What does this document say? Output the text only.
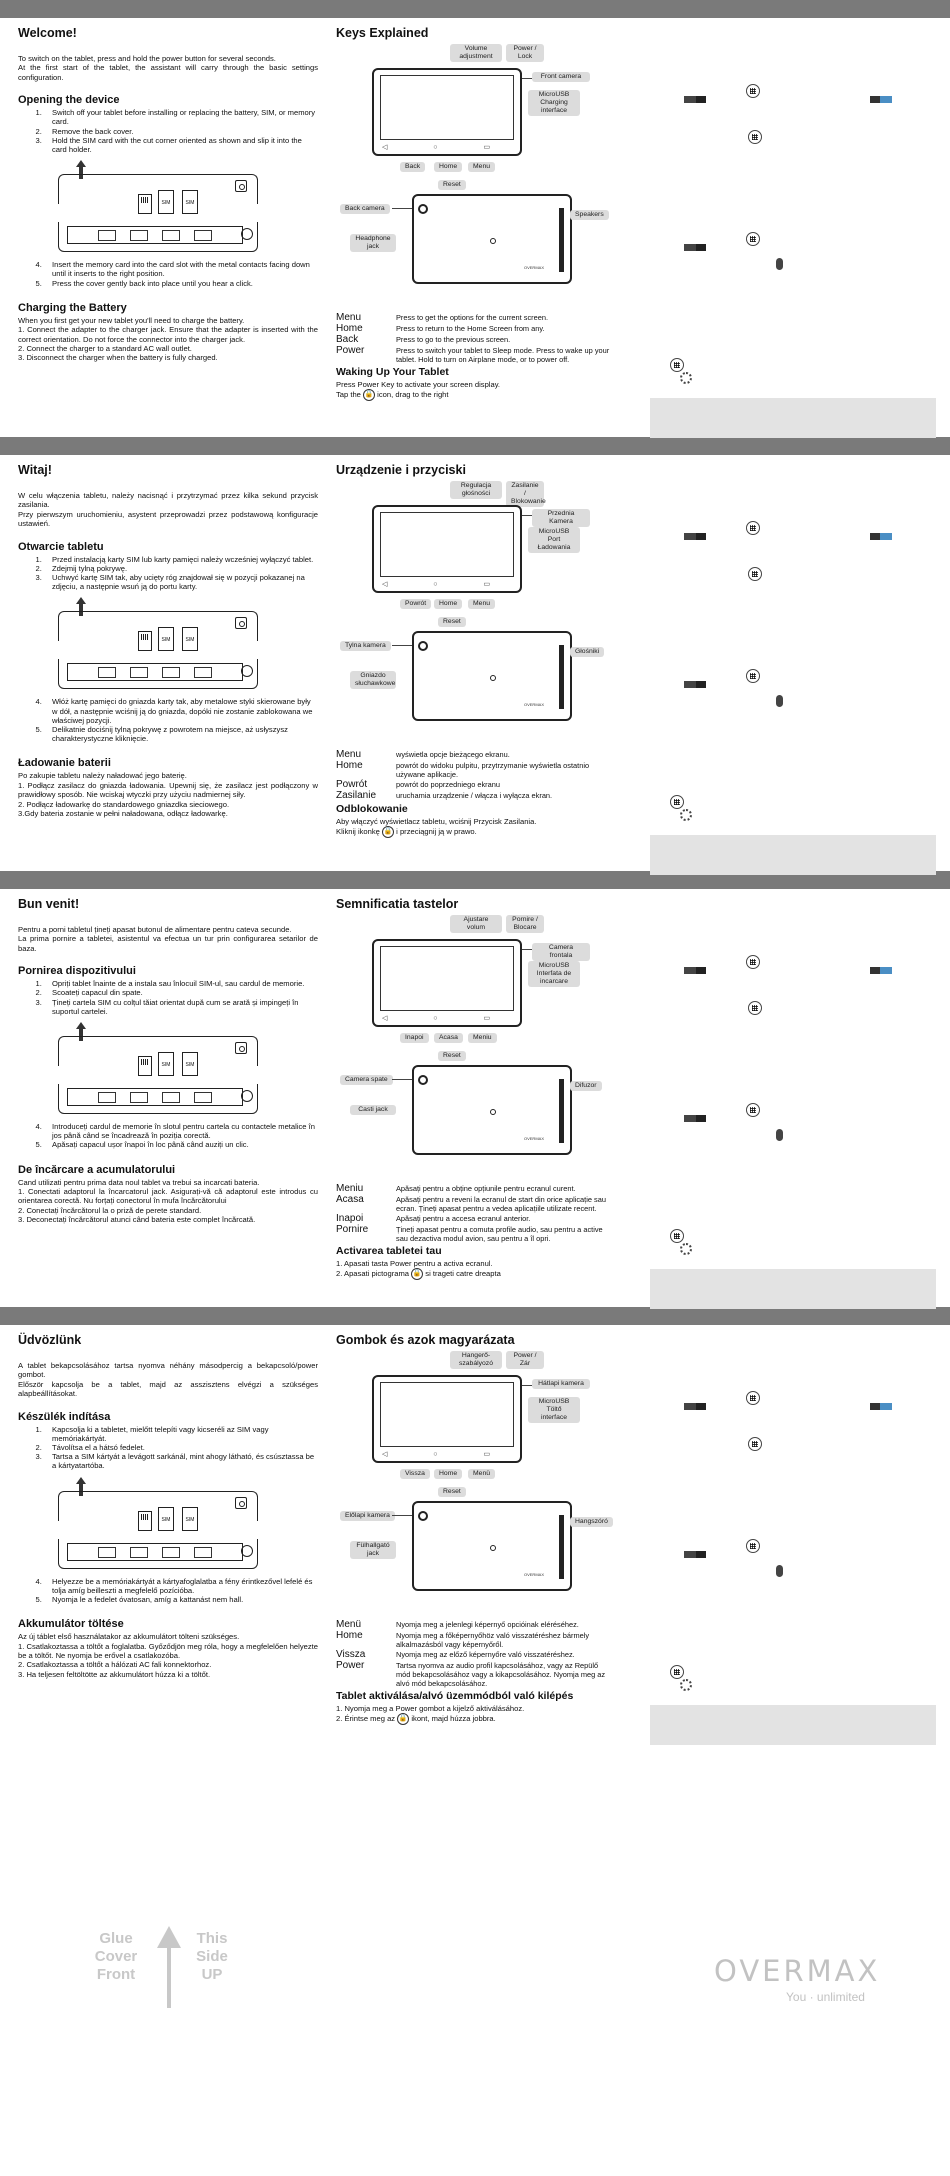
Welcome!
To switch on the tablet, press and hold the power button for several seconds.
At the first start of the tablet, the assistant will carry through the basic settings configuration.
Opening the device
1. Switch off your tablet before installing or replacing the battery, SIM, or memory card.
2. Remove the back cover.
3. Hold the SIM card with the cut corner oriented as shown and slip it into the card holder.
SIM	SIM
4. Insert the memory card into the card slot with the metal contacts facing down until it inserts to the right position.
5. Press the cover gently back into place until you hear a click.
Charging the Battery
When you first get your new tablet you'll need to charge the battery.
1. Connect the adapter to the charger jack. Ensure that the adapter is inserted with the correct orientation. Do not force the connector into the charger jack.
2. Connect the charger to a standard AC wall outlet.
3. Disconnect the charger when the battery is fully charged.
Keys Explained
Volume adjustment
Power / Lock
◁ ○ ▭
Front camera
MicroUSB Charging interface
Back	Home	Menu
Reset
Back camera
OVERMAX
Headphone jack
Speakers
Menu	Press to get the options for the current screen.
Home	Press to return to the Home Screen from any.
Back	Press to go to the previous screen.
Power	Press to switch your tablet to Sleep mode. Press to wake up your tablet. Hold to turn on Airplane mode, or to power off.
Waking Up Your Tablet
Press Power Key to activate your screen display.
Tap the 🔒 icon, drag to the right
Witaj!
W celu włączenia tabletu, należy nacisnąć i przytrzymać przez kilka sekund przycisk zasilania.
Przy pierwszym uruchomieniu, asystent przeprowadzi przez podstawową konfiguracje ustawień.
Otwarcie tabletu
1. Przed instalacją karty SIM lub karty pamięci należy wcześniej wyłączyć tablet.
2. Zdejmij tylną pokrywę.
3. Uchwyć kartę SIM tak, aby ucięty róg znajdował się w pozycji pokazanej na zdjęciu, a następnie wsuń ją do portu karty.
SIM	SIM
4. Włóż kartę pamięci do gniazda karty tak, aby metalowe styki skierowane były w dół, a następnie wciśnij ją do gniazda, dopóki nie zostanie zablokowana we właściwej pozycji.
5. Delikatnie dociśnij tylną pokrywę z powrotem na miejsce, aż usłyszysz charakterystyczne kliknięcie.
Ładowanie baterii
Po zakupie tabletu należy naładować jego baterię.
1. Podłącz zasilacz do gniazda ładowania. Upewnij się, że zasilacz jest podłączony w prawidłowy sposób. Nie wciskaj wtyczki przy użyciu nadmiernej siły.
2. Podłącz ładowarkę do standardowego gniazdka sieciowego.
3.Gdy bateria zostanie w pełni naładowana, odłącz ładowarkę.
Urządzenie i przyciski
Regulacja głośności
Zasilanie / Blokowanie
◁ ○ ▭
Przednia Kamera
MicroUSB Port Ładowania
Powrót	Home	Menu
Reset
Tylna kamera
OVERMAX
Gniazdo słuchawkowe
Głośniki
Menu	wyświetla opcje bieżącego ekranu.
Home	powrót do widoku pulpitu, przytrzymanie wyświetla ostatnio używane aplikacje.
Powrót	powrót do poprzedniego ekranu
Zasilanie	uruchamia urządzenie / włącza i wyłącza ekran.
Odblokowanie
Aby włączyć wyświetlacz tabletu, wciśnij Przycisk Zasilania.
Kliknij ikonkę 🔒 i przeciągnij ją w prawo.
Bun venit!
Pentru a porni tabletul țineți apasat butonul de alimentare pentru cateva secunde.
La prima pornire a tabletei, asistentul va efectua un tur prin configurarea setarilor de baza.
Pornirea dispozitivului
1. Opriți tablet înainte de a instala sau înlocuil SIM-ul, sau cardul de memorie.
2. Scoateți capacul din spate.
3. Țineți cartela SIM cu colțul tăiat orientat după cum se arată și impingeți în suportul cartelei.
SIM	SIM
4. Introduceți cardul de memorie în slotul pentru cartela cu contactele metalice în jos până când se încadrează în poziția corectă.
5. Apăsați capacul ușor înapoi în loc până când auziți un clic.
De încărcare a acumulatorului
Cand utilizati pentru prima data noul tablet va trebui sa incarcati bateria.
1. Conectati adaptorul la încarcatorul jack. Asigurați-vă că adaptorul este introdus cu orientarea corectă. Nu forțați conectorul în mufa încărcătorului
2. Conectați încărcătorul la o priză de perete standard.
3. Deconectați încărcătorul atunci când bateria este complet încărcată.
Semnificatia tastelor
Ajustare volum
Pornire / Blocare
◁ ○ ▭
Camera frontala
MicroUSB Interfata de incarcare
Inapoi	Acasa	Meniu
Reset
Camera spate
OVERMAX
Casti jack
Difuzor
Meniu	Apăsați pentru a obține opțiunile pentru ecranul curent.
Acasa	Apăsați pentru a reveni la ecranul de start din orice aplicație sau ecran. Țineți apasat pentru a vedea aplicațiile utilizate recent.
Inapoi	Apăsați pentru a accesa ecranul anterior.
Pornire	Țineți apasat pentru a comuta profile audio, sau pentru a active sau dezactiva modul avion, sau pentru a îl opri.
Activarea tabletei tau
1. Apasati tasta Power pentru a activa ecranul.
2. Apasati pictograma 🔒 si trageti catre dreapta
Üdvözlünk
A tablet bekapcsolásához tartsa nyomva néhány másodpercig a bekapcsoló/power gombot.
Először kapcsolja be a tablet, majd az asszisztens elvégzi a szükséges alapbeállításokat.
Készülék indítása
1. Kapcsolja ki a tabletet, mielőtt telepíti vagy kicseréli az SIM vagy memóriakártyát.
2. Távolítsa el a hátsó fedelet.
3. Tartsa a SIM kártyát a levágott sarkánál, mint ahogy látható, és csúsztassa be a kártyatartóba.
SIM	SIM
4. Helyezze be a memóriakártyát a kártyafoglalatba a fény érintkezővel lefelé és tolja amíg beilleszti a megfelelő pozícióba.
5. Nyomja le a fedelet óvatosan, amíg a kattanást nem hall.
Akkumulátor töltése
Az új táblet első használatakor az akkumulátort tölteni szükséges.
1. Csatlakoztassa a töltőt a foglalatba. Győződjön meg róla, hogy a megfelelően helyezte be a töltőt. Ne nyomja be erővel a csatlakozóba.
2. Csatlakoztassa a töltőt a hálózati AC fali konnektorhoz.
3. Ha teljesen feltöltötte az akkumulátort húzza ki a töltőt.
Gombok és azok magyarázata
Hangerő-szabályozó
Power / Zár
◁ ○ ▭
Hátlapi kamera
MicroUSB Töltő interface
Vissza	Home	Menü
Reset
Előlapi kamera
OVERMAX
Fülhallgató jack
Hangszóró
Menü	Nyomja meg a jelenlegi képernyő opcióinak eléréséhez.
Home	Nyomja meg a főképernyőhöz való visszatéréshez bármely alkalmazásból vagy képernyőről.
Vissza	Nyomja meg az előző képernyőre való visszatéréshez.
Power	Tartsa nyomva az audio profil kapcsolásához, vagy az Repülő mód bekapcsolásához vagy a kikapcsolásához. Nyomja meg az alvó mód bekapcsolásához.
Tablet aktiválása/alvó üzemmódból való kilépés
1. Nyomja meg a Power gombot a kijelző aktiválásához.
2. Érintse meg az 🔒 ikont, majd húzza jobbra.
Glue Cover Front
This Side UP	OVERMAX
You · unlimited
